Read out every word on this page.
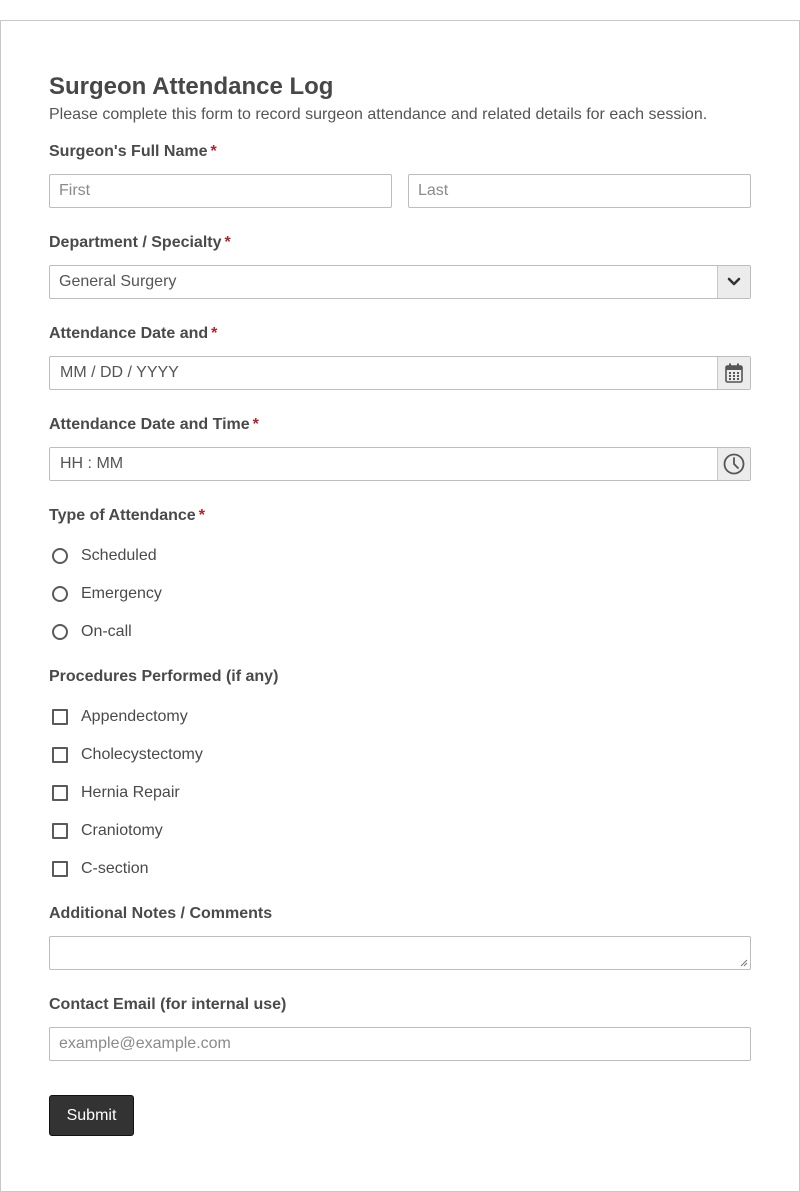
Surgeon Attendance Log
Please complete this form to record surgeon attendance and related details for each session.
Surgeon's Full Name *
First
Last
Department / Specialty *
General Surgery
Attendance Date and *
MM / DD / YYYY
Attendance Date and Time *
HH : MM
Type of Attendance *
Scheduled
Emergency
On-call
Procedures Performed (if any)
Appendectomy
Cholecystectomy
Hernia Repair
Craniotomy
C-section
Additional Notes / Comments
Contact Email (for internal use)
example@example.com
Submit
